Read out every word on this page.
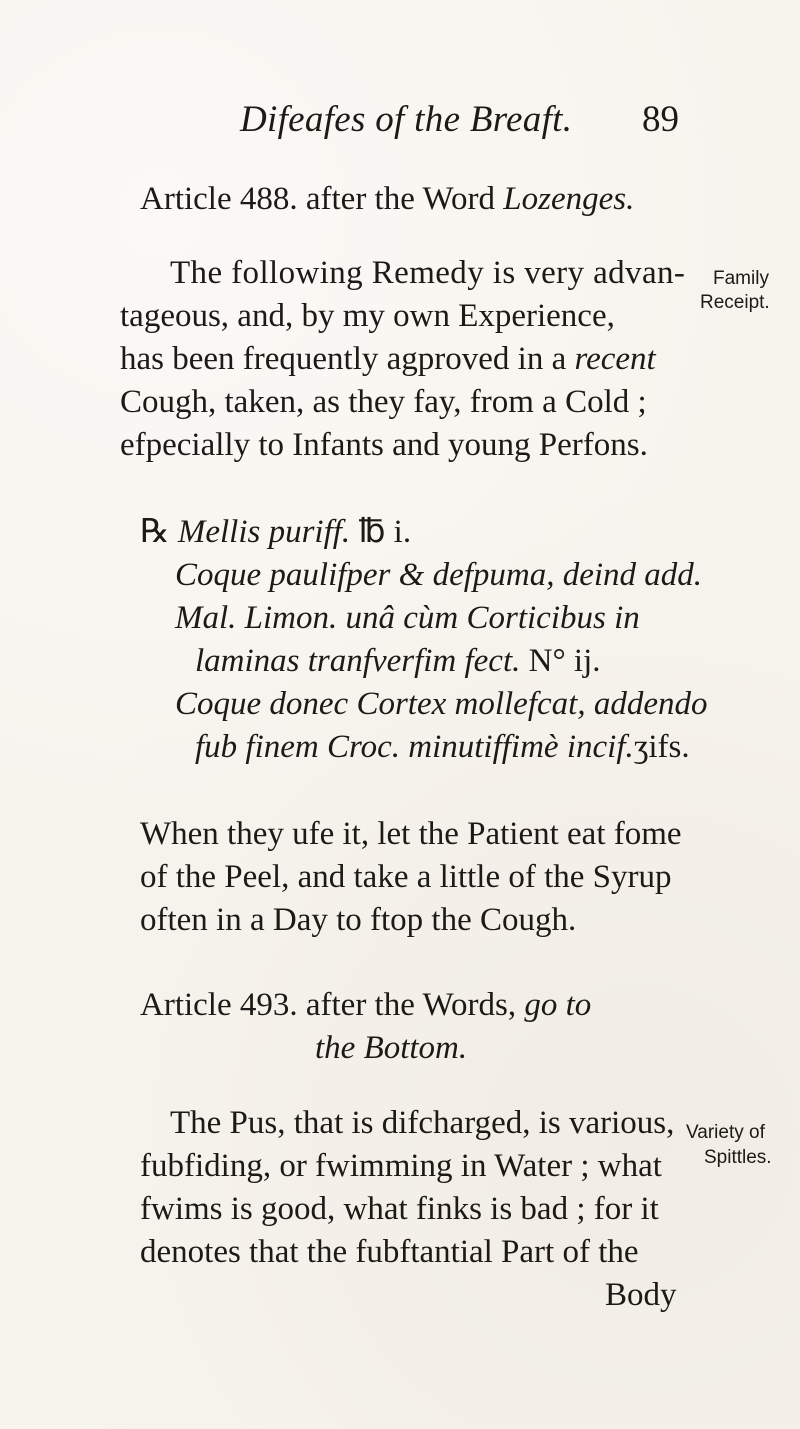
Difeafes of the Breaft. 89
Article 488. after the Word Lozenges.
The following Remedy is very advan-
tageous, and, by my own Experience,
has been frequently agproved in a recent
Cough, taken, as they fay, from a Cold ;
efpecially to Infants and young Perfons.
Family
Receipt.
℞ Mellis puriff. ℔ i.
Coque paulifper & defpuma, deind add.
Mal. Limon. unâ cùm Corticibus in
laminas tranfverfim fect. N° ij.
Coque donec Cortex mollefcat, addendo
fub finem Croc. minutiffimè incif.ʒifs.
When they ufe it, let the Patient eat fome
of the Peel, and take a little of the Syrup
often in a Day to ftop the Cough.
Article 493. after the Words, go to
the Bottom.
The Pus, that is difcharged, is various,
fubfiding, or fwimming in Water ; what
fwims is good, what finks is bad ; for it
denotes that the fubftantial Part of the
Body
Variety of
Spittles.
